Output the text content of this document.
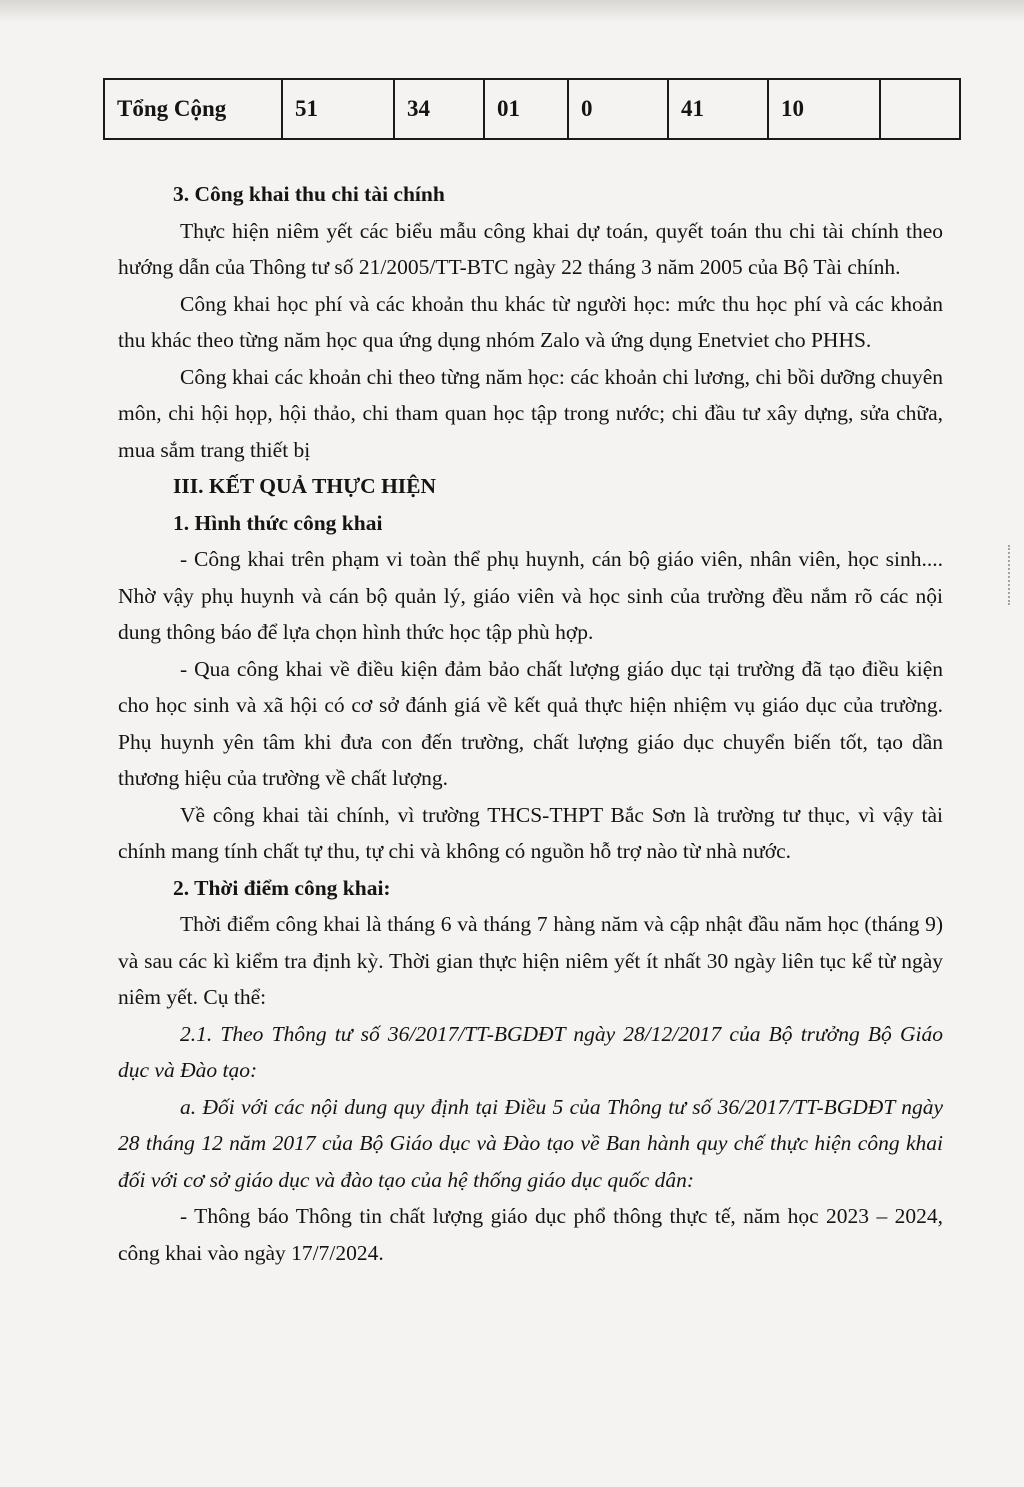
Tổng Cộng	51	34	01	0	41	10	

3. Công khai thu chi tài chính

Thực hiện niêm yết các biểu mẫu công khai dự toán, quyết toán thu chi tài chính theo hướng dẫn của Thông tư số 21/2005/TT-BTC ngày 22 tháng 3 năm 2005 của Bộ Tài chính.

Công khai học phí và các khoản thu khác từ người học: mức thu học phí và các khoản thu khác theo từng năm học qua ứng dụng nhóm Zalo và ứng dụng Enetviet cho PHHS.

Công khai các khoản chi theo từng năm học: các khoản chi lương, chi bồi dưỡng chuyên môn, chi hội họp, hội thảo, chi tham quan học tập trong nước; chi đầu tư xây dựng, sửa chữa, mua sắm trang thiết bị

III. KẾT QUẢ THỰC HIỆN

1. Hình thức công khai

- Công khai trên phạm vi toàn thể phụ huynh, cán bộ giáo viên, nhân viên, học sinh.... Nhờ vậy phụ huynh và cán bộ quản lý, giáo viên và học sinh của trường đều nắm rõ các nội dung thông báo để lựa chọn hình thức học tập phù hợp.

- Qua công khai về điều kiện đảm bảo chất lượng giáo dục tại trường đã tạo điều kiện cho học sinh và xã hội có cơ sở đánh giá về kết quả thực hiện nhiệm vụ giáo dục của trường. Phụ huynh yên tâm khi đưa con đến trường, chất lượng giáo dục chuyển biến tốt, tạo dần thương hiệu của trường về chất lượng.

Về công khai tài chính, vì trường THCS-THPT Bắc Sơn là trường tư thục, vì vậy tài chính mang tính chất tự thu, tự chi và không có nguồn hỗ trợ nào từ nhà nước.

2. Thời điểm công khai:

Thời điểm công khai là tháng 6 và tháng 7 hàng năm và cập nhật đầu năm học (tháng 9) và sau các kì kiểm tra định kỳ. Thời gian thực hiện niêm yết ít nhất 30 ngày liên tục kể từ ngày niêm yết. Cụ thể:

2.1. Theo Thông tư số 36/2017/TT-BGDĐT ngày 28/12/2017 của Bộ trưởng Bộ Giáo dục và Đào tạo:

a. Đối với các nội dung quy định tại Điều 5 của Thông tư số 36/2017/TT-BGDĐT ngày 28 tháng 12 năm 2017 của Bộ Giáo dục và Đào tạo về Ban hành quy chế thực hiện công khai đối với cơ sở giáo dục và đào tạo của hệ thống giáo dục quốc dân:

- Thông báo Thông tin chất lượng giáo dục phổ thông thực tế, năm học 2023 – 2024, công khai vào ngày 17/7/2024.
